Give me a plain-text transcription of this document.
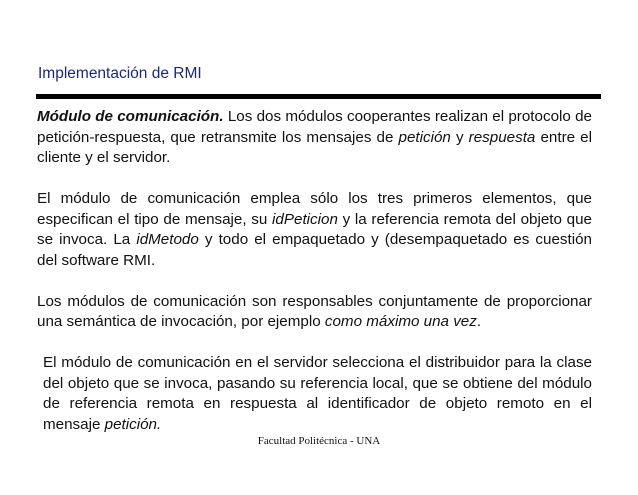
Implementación de RMI

Módulo de comunicación. Los dos módulos cooperantes realizan el protocolo de petición-respuesta, que retransmite los mensajes de petición y respuesta entre el cliente y el servidor.

El módulo de comunicación emplea sólo los tres primeros elementos, que especifican el tipo de mensaje, su idPeticion y la referencia remota del objeto que se invoca. La idMetodo y todo el empaquetado y (desempaquetado es cuestión del software RMI.

Los módulos de comunicación son responsables conjuntamente de proporcionar una semántica de invocación, por ejemplo como máximo una vez.

El módulo de comunicación en el servidor selecciona el distribuidor para la clase del objeto que se invoca, pasando su referencia local, que se obtiene del módulo de referencia remota en respuesta al identificador de objeto remoto en el mensaje petición.

Facultad Politécnica - UNA
